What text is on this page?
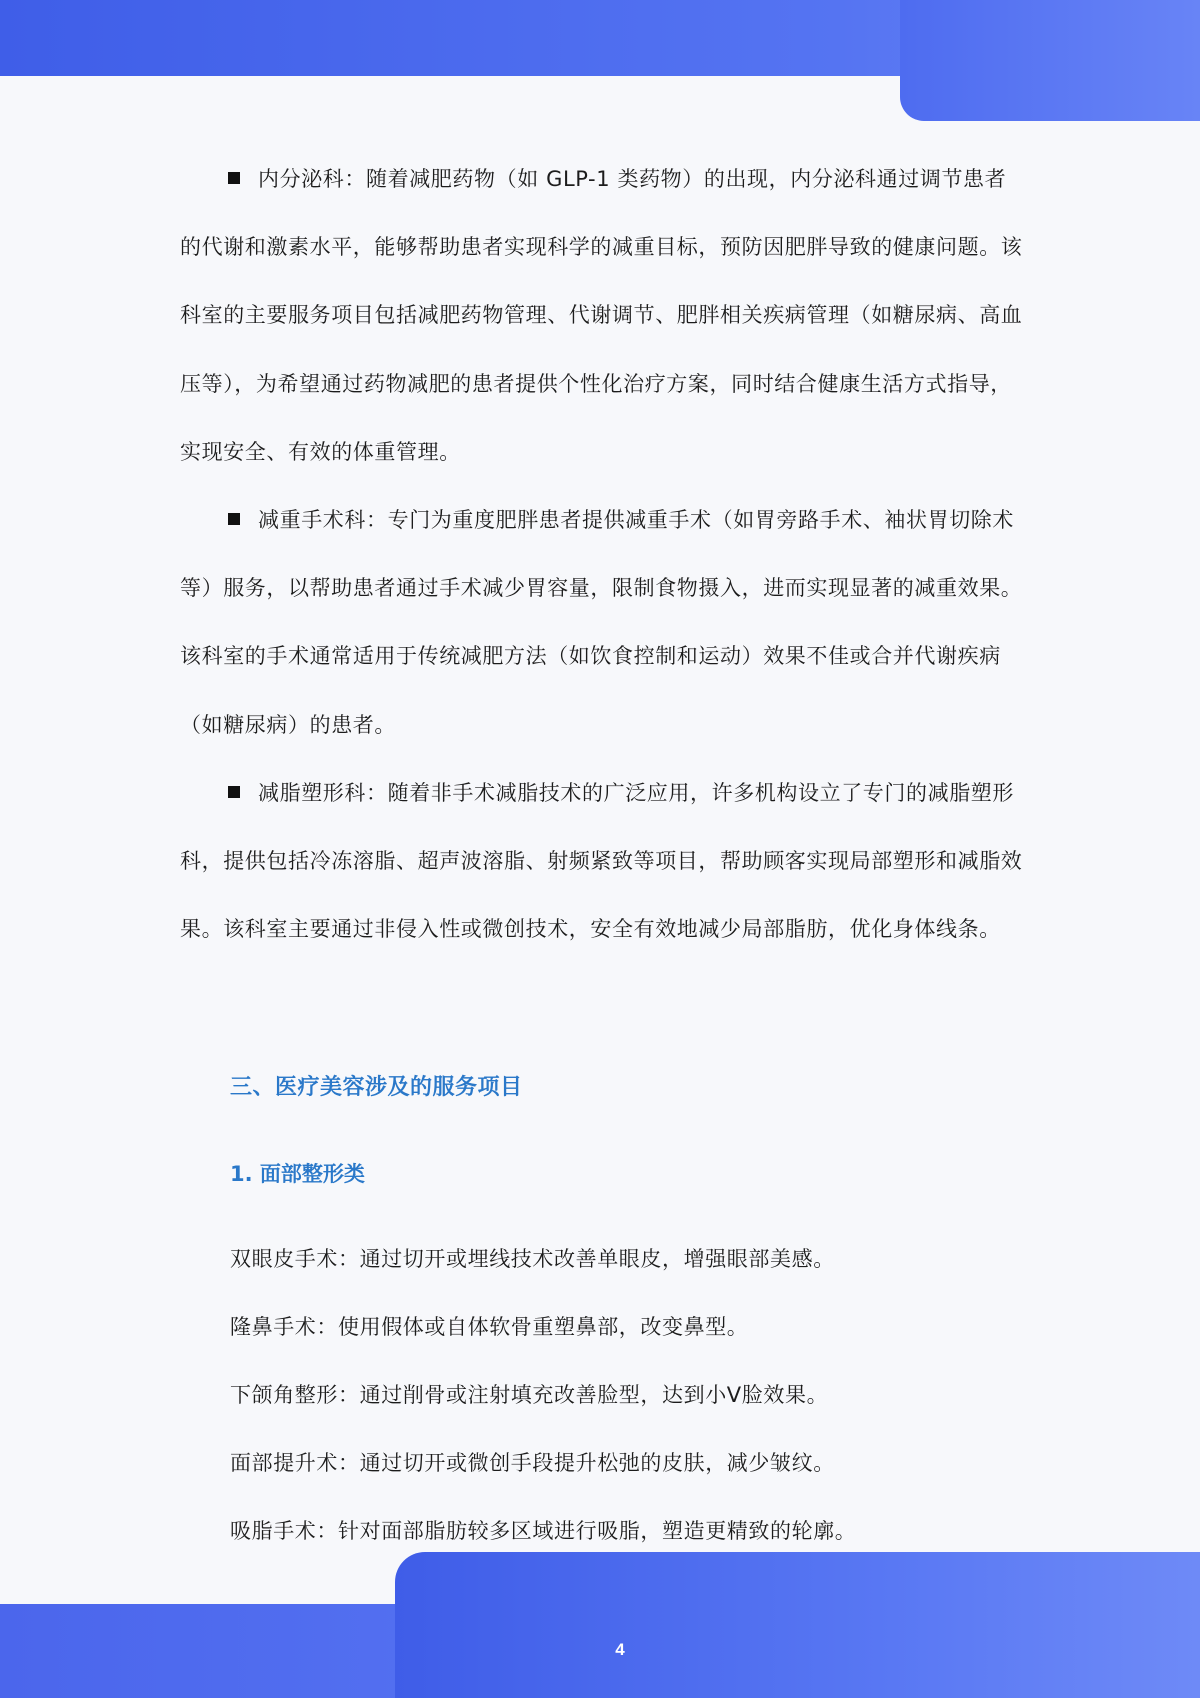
内分泌科：随着减肥药物（如 GLP-1 类药物）的出现，内分泌科通过调节患者的代谢和激素水平，能够帮助患者实现科学的减重目标，预防因肥胖导致的健康问题。该科室的主要服务项目包括减肥药物管理、代谢调节、肥胖相关疾病管理（如糖尿病、高血压等），为希望通过药物减肥的患者提供个性化治疗方案，同时结合健康生活方式指导，实现安全、有效的体重管理。

减重手术科：专门为重度肥胖患者提供减重手术（如胃旁路手术、袖状胃切除术等）服务，以帮助患者通过手术减少胃容量，限制食物摄入，进而实现显著的减重效果。该科室的手术通常适用于传统减肥方法（如饮食控制和运动）效果不佳或合并代谢疾病（如糖尿病）的患者。

减脂塑形科：随着非手术减脂技术的广泛应用，许多机构设立了专门的减脂塑形科，提供包括冷冻溶脂、超声波溶脂、射频紧致等项目，帮助顾客实现局部塑形和减脂效果。该科室主要通过非侵入性或微创技术，安全有效地减少局部脂肪，优化身体线条。

三、医疗美容涉及的服务项目
1. 面部整形类
双眼皮手术：通过切开或埋线技术改善单眼皮，增强眼部美感。
隆鼻手术：使用假体或自体软骨重塑鼻部，改变鼻型。
下颌角整形：通过削骨或注射填充改善脸型，达到小V脸效果。
面部提升术：通过切开或微创手段提升松弛的皮肤，减少皱纹。
吸脂手术：针对面部脂肪较多区域进行吸脂，塑造更精致的轮廓。
4
